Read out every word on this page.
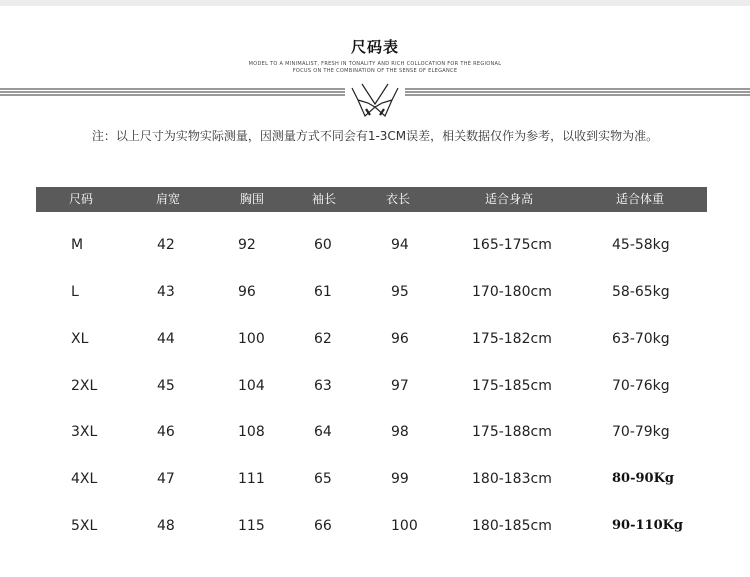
尺码表
MODEL TO A MINIMALIST, FRESH IN TONALITY AND RICH COLLOCATION FOR THE REGIONAL
FOCUS ON THE COMBINATION OF THE SENSE OF ELEGANCE
注：以上尺寸为实物实际测量，因测量方式不同会有1-3CM误差，相关数据仅作为参考，以收到实物为准。
尺码	肩宽	胸围	袖长	衣长	适合身高	适合体重
M	42	92	60	94	165-175cm	45-58kg
L	43	96	61	95	170-180cm	58-65kg
XL	44	100	62	96	175-182cm	63-70kg
2XL	45	104	63	97	175-185cm	70-76kg
3XL	46	108	64	98	175-188cm	70-79kg
4XL	47	111	65	99	180-183cm	80-90Kg
5XL	48	115	66	100	180-185cm	90-110Kg
